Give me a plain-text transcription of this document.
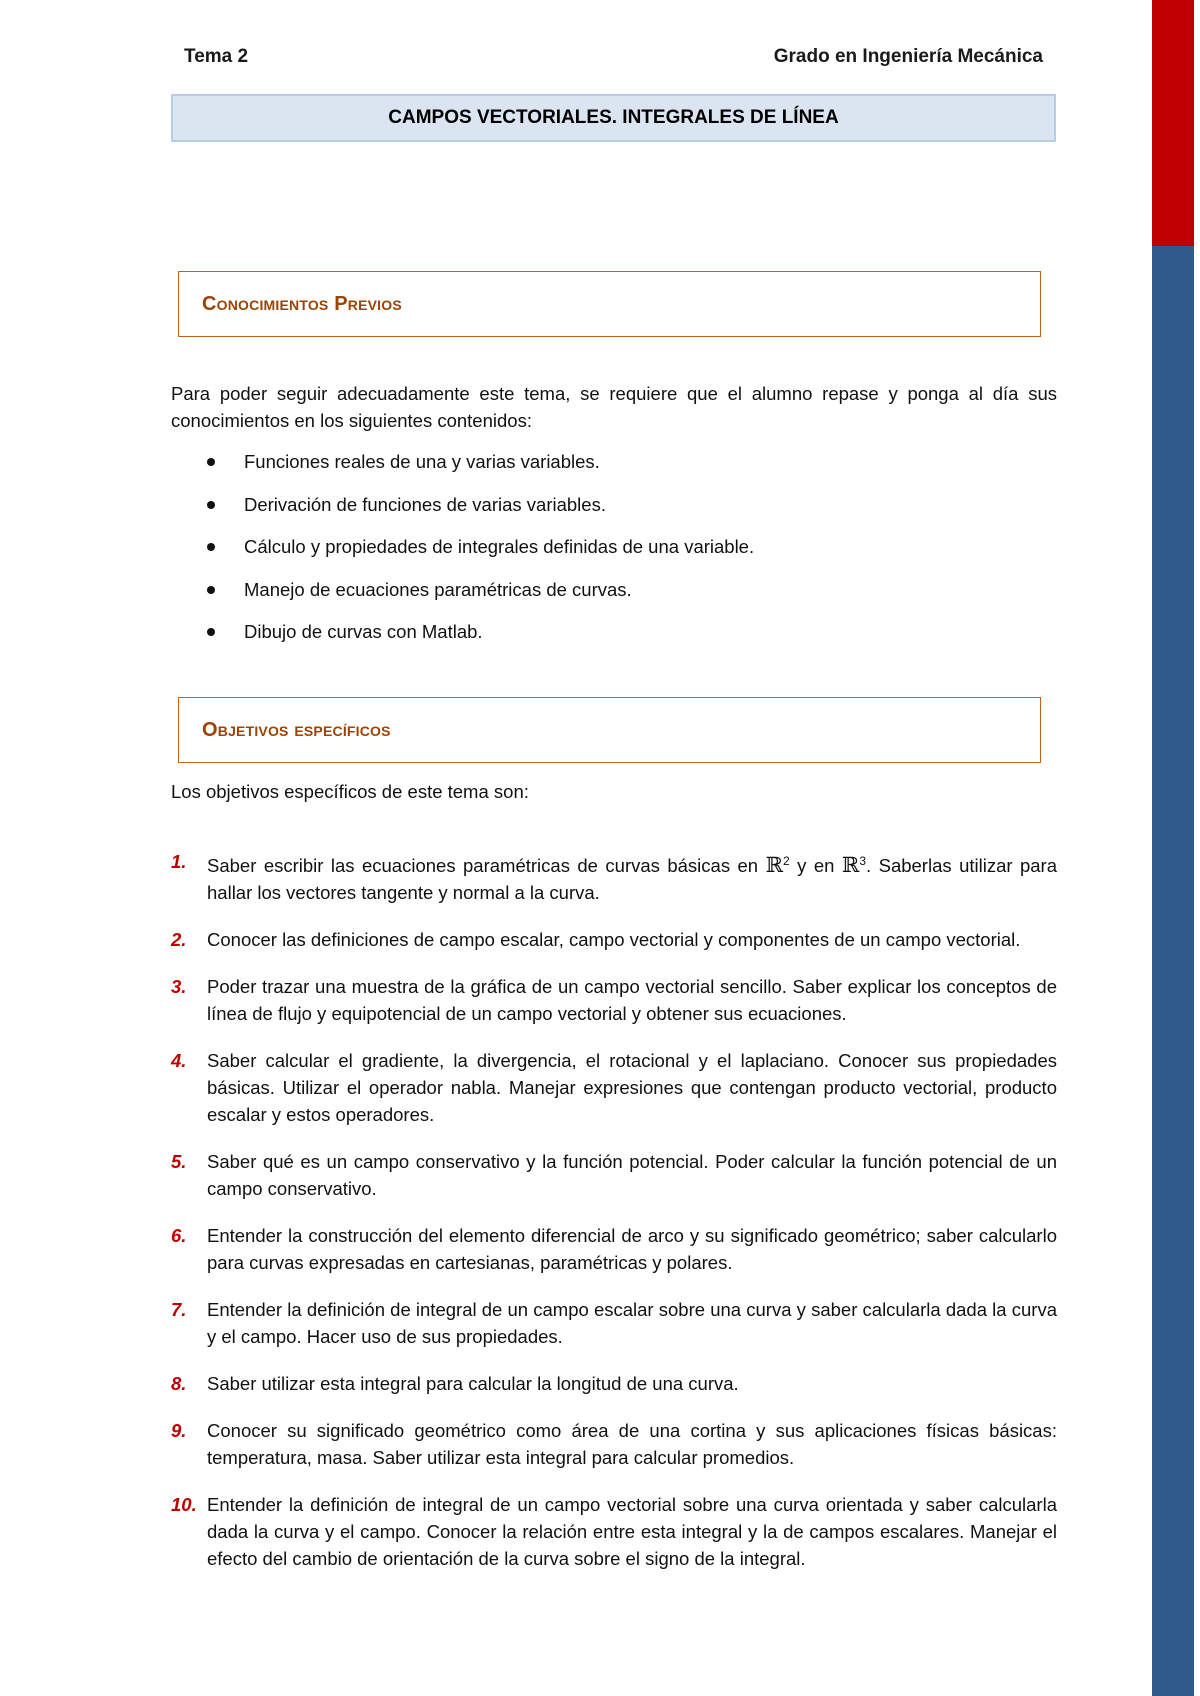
Tema 2	Grado en Ingeniería Mecánica
CAMPOS VECTORIALES. INTEGRALES DE LÍNEA
Conocimientos Previos
Para poder seguir adecuadamente este tema, se requiere que el alumno repase y ponga al día sus conocimientos en los siguientes contenidos:
Funciones reales de una y varias variables.
Derivación de funciones de varias variables.
Cálculo y propiedades de integrales definidas de una variable.
Manejo de ecuaciones paramétricas de curvas.
Dibujo de curvas con Matlab.
Objetivos específicos
Los objetivos específicos de este tema son:
1. Saber escribir las ecuaciones paramétricas de curvas básicas en ℝ$^2$ y en ℝ$^3$. Saberlas utilizar para hallar los vectores tangente y normal a la curva.
2. Conocer las definiciones de campo escalar, campo vectorial y componentes de un campo vectorial.
3. Poder trazar una muestra de la gráfica de un campo vectorial sencillo. Saber explicar los conceptos de línea de flujo y equipotencial de un campo vectorial y obtener sus ecuaciones.
4. Saber calcular el gradiente, la divergencia, el rotacional y el laplaciano. Conocer sus propiedades básicas. Utilizar el operador nabla. Manejar expresiones que contengan producto vectorial, producto escalar y estos operadores.
5. Saber qué es un campo conservativo y la función potencial. Poder calcular la función potencial de un campo conservativo.
6. Entender la construcción del elemento diferencial de arco y su significado geométrico; saber calcularlo para curvas expresadas en cartesianas, paramétricas y polares.
7. Entender la definición de integral de un campo escalar sobre una curva y saber calcularla dada la curva y el campo. Hacer uso de sus propiedades.
8. Saber utilizar esta integral para calcular la longitud de una curva.
9. Conocer su significado geométrico como área de una cortina y sus aplicaciones físicas básicas: temperatura, masa. Saber utilizar esta integral para calcular promedios.
10. Entender la definición de integral de un campo vectorial sobre una curva orientada y saber calcularla dada la curva y el campo. Conocer la relación entre esta integral y la de campos escalares. Manejar el efecto del cambio de orientación de la curva sobre el signo de la integral.
